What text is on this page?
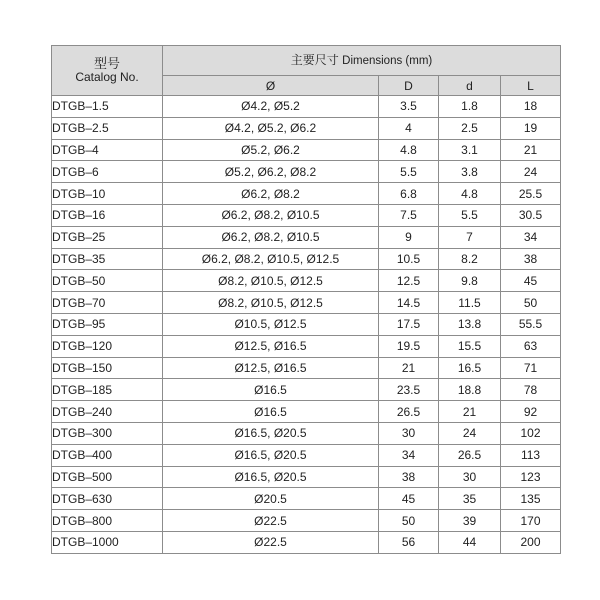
型号
Catalog No.	主要尺寸 Dimensions (mm)			
	Ø	D	d	L
DTGB–1.5	Ø4.2, Ø5.2	3.5	1.8	18
DTGB–2.5	Ø4.2, Ø5.2, Ø6.2	4	2.5	19
DTGB–4	Ø5.2, Ø6.2	4.8	3.1	21
DTGB–6	Ø5.2, Ø6.2, Ø8.2	5.5	3.8	24
DTGB–10	Ø6.2, Ø8.2	6.8	4.8	25.5
DTGB–16	Ø6.2, Ø8.2, Ø10.5	7.5	5.5	30.5
DTGB–25	Ø6.2, Ø8.2, Ø10.5	9	7	34
DTGB–35	Ø6.2, Ø8.2, Ø10.5, Ø12.5	10.5	8.2	38
DTGB–50	Ø8.2, Ø10.5, Ø12.5	12.5	9.8	45
DTGB–70	Ø8.2, Ø10.5, Ø12.5	14.5	11.5	50
DTGB–95	Ø10.5, Ø12.5	17.5	13.8	55.5
DTGB–120	Ø12.5, Ø16.5	19.5	15.5	63
DTGB–150	Ø12.5, Ø16.5	21	16.5	71
DTGB–185	Ø16.5	23.5	18.8	78
DTGB–240	Ø16.5	26.5	21	92
DTGB–300	Ø16.5, Ø20.5	30	24	102
DTGB–400	Ø16.5, Ø20.5	34	26.5	113
DTGB–500	Ø16.5, Ø20.5	38	30	123
DTGB–630	Ø20.5	45	35	135
DTGB–800	Ø22.5	50	39	170
DTGB–1000	Ø22.5	56	44	200
